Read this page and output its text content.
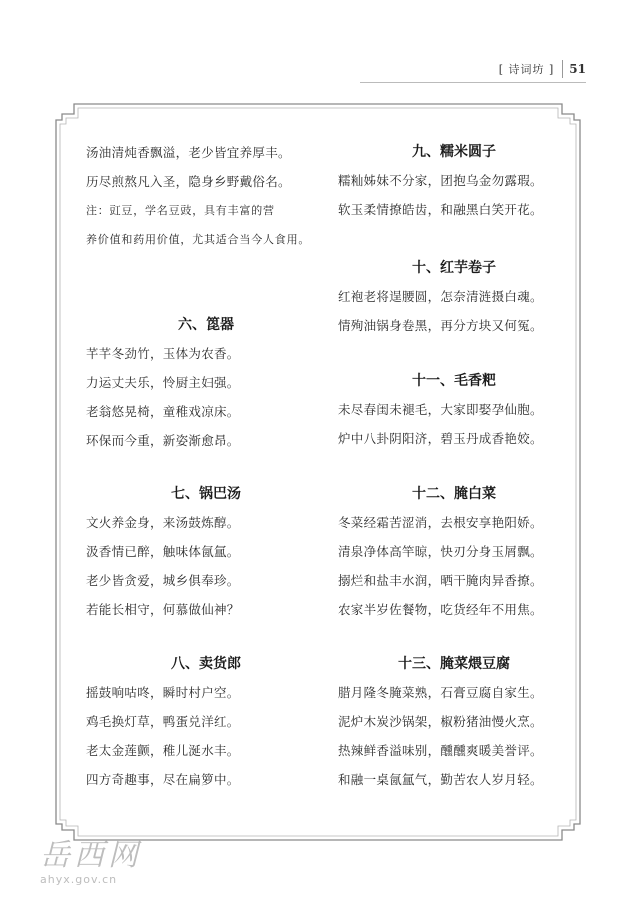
[ 诗词坊 ] 51
汤油清炖香飘溢，老少皆宜养厚丰。
历尽煎熬凡入圣，隐身乡野戴俗名。
注：豇豆，学名豆豉，具有丰富的营
养价值和药用价值，尤其适合当今人食用。
六、箆器
芊芊冬劲竹，玉体为农香。
力运丈夫乐，怜厨主妇强。
老翁悠晃椅，童稚戏凉床。
环保而今重，新姿渐愈昂。
七、锅巴汤
文火养金身，来汤鼓炼醇。
汲香情已醉，触味体氤氲。
老少皆贪爱，城乡俱奉珍。
若能长相守，何慕做仙神？
八、卖货郎
摇鼓响咕咚，瞬时村户空。
鸡毛换灯草，鸭蛋兑洋红。
老太金莲颤，稚儿涎水丰。
四方奇趣事，尽在扁箩中。
九、糯米圆子
糯籼姊妹不分家，团抱乌金勿露瑕。
软玉柔情撩皓齿，和融黑白笑开花。
十、红芋卷子
红袍老将逞腰圆，怎奈清涟摄白魂。
情殉油锅身卷黑，再分方块又何冤。
十一、毛香粑
未尽春闺未褪毛，大家即娶孕仙胞。
炉中八卦阴阳济，碧玉丹成香艳姣。
十二、腌白菜
冬菜经霜苦涩消，去根安享艳阳娇。
清泉净体高竿晾，快刃分身玉屑飘。
搦烂和盐丰水润，晒干腌肉异香撩。
农家半岁佐餐物，吃货经年不用焦。
十三、腌菜煨豆腐
腊月隆冬腌菜熟，石膏豆腐自家生。
泥炉木炭沙锅架，椒粉猪油慢火烹。
热辣鲜香溢味别，醺醺爽暖美誉评。
和融一桌氤氲气，勤苦农人岁月轻。
岳西网
ahyx.gov.cn
